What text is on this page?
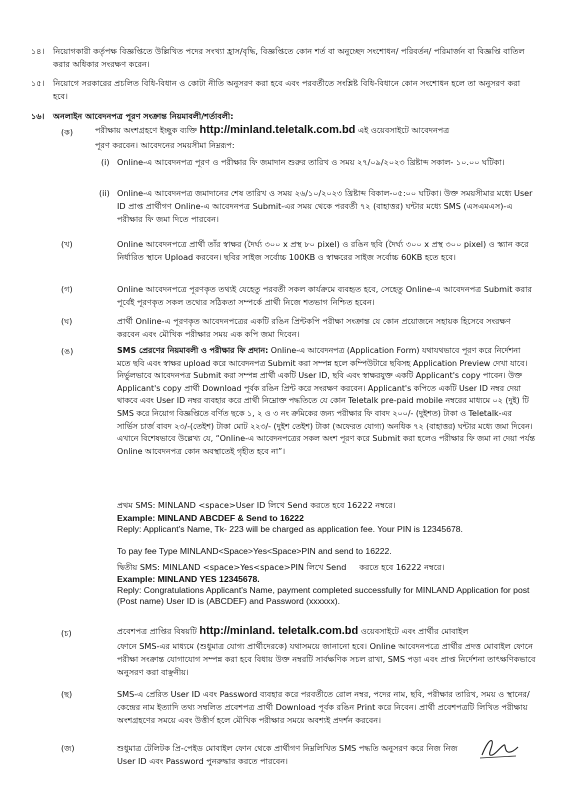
১৪। নিয়োগকারী কর্তৃপক্ষ বিজ্ঞপ্তিতে উল্লিখিত পদের সংখ্যা হ্রাস/বৃদ্ধি, বিজ্ঞপ্তিতে কোন শর্ত বা অনুচ্ছেদ সংশোধন/ পরিবর্তন/ পরিমার্জন বা বিজ্ঞপ্তি বাতিল করার অধিকার সংরক্ষণ করেন।

১৫। নিয়োগে সরকারের প্রচলিত বিধি-বিধান ও কোটা নীতি অনুসরণ করা হবে এবং পরবর্তীতে সংশ্লিষ্ট বিধি-বিধানে কোন সংশোধন হলে তা অনুসরণ করা হবে।

১৬। অনলাইন আবেদনপত্র পূরণ সংক্রান্ত নিয়মাবলী/শর্তাবলী:

(ক)	পরীক্ষায় অংশগ্রহণে ইচ্ছুক ব্যক্তি http://minland.teletalk.com.bd এই ওয়েবসাইটে আবেদনপত্র

পূরণ করবেন। আবেদনের সময়সীমা নিম্নরূপ:

(i) Online-এ আবেদনপত্র পূরণ ও পরীক্ষার ফি জমাদান শুরুর তারিখ ও সময় ২৭/০৯/২০২৩ খ্রিষ্টাব্দ সকাল- ১০.০০ ঘটিকা।

(ii) Online-এ আবেদনপত্র জমাদানের শেষ তারিখ ও সময় ২৬/১০/২০২৩ খ্রিষ্টাব্দ বিকাল-০৫:০০ ঘটিকা। উক্ত সময়সীমার মধ্যে User ID প্রাপ্ত প্রার্থীগণ Online-এ আবেদনপত্র Submit-এর সময় থেকে পরবর্তী ৭২ (বাহাত্তর) ঘন্টার মধ্যে SMS (এসএমএস)-এ পরীক্ষার ফি জমা দিতে পারবেন।

(খ)	Online আবেদনপত্রে প্রার্থী তাঁর স্বাক্ষর (দৈর্ঘ্য ৩০০ x প্রস্থ ৮০ pixel) ও রঙিন ছবি (দৈর্ঘ্য ৩০০ x প্রস্থ ৩০০ pixel) ও স্ক্যান করে নির্ধারিত স্থানে Upload করবেন। ছবির সাইজ সর্বোচ্চ 100KB ও স্বাক্ষরের সাইজ সর্বোচ্চ 60KB হতে হবে।

(গ)	Online আবেদনপত্রে পূরণকৃত তথ্যই যেহেতু পরবর্তী সকল কার্যক্রমে ব্যবহৃত হবে, সেহেতু Online-এ আবেদনপত্র Submit করার পূর্বেই পূরণকৃত সকল তথ্যের সঠিকতা সম্পর্কে প্রার্থী নিজে শতভাগ নিশ্চিত হবেন।

(ঘ)	প্রার্থী Online-এ পূরণকৃত আবেদনপত্রের একটি রঙিন প্রিন্টকপি পরীক্ষা সংক্রান্ত যে কোন প্রয়োজনে সহায়ক হিসেবে সংরক্ষণ করবেন এবং মৌখিক পরীক্ষার সময় এক কপি জমা দিবেন।

(ঙ)	SMS প্রেরণের নিয়মাবলী ও পরীক্ষার ফি প্রদান: Online-এ আবেদনপত্র (Application Form) যথাযথভাবে পূরণ করে নির্দেশনা মতে ছবি এবং স্বাক্ষর upload করে আবেদনপত্র Submit করা সম্পন্ন হলে কম্পিউটারে ছবিসহ Application Preview দেখা যাবে। নির্ভুলভাবে আবেদনপত্র Submit করা সম্পন্ন প্রার্থী একটি User ID, ছবি এবং স্বাক্ষরযুক্ত একটি Applicant's copy পাবেন। উক্ত Applicant's copy প্রার্থী Download পূর্বক রঙিন প্রিন্ট করে সংরক্ষণ করবেন। Applicant's কপিতে একটি User ID নম্বর দেয়া থাকবে এবং User ID নম্বর ব্যবহার করে প্রার্থী নিম্নোক্ত পদ্ধতিতে যে কোন Teletalk pre-paid mobile নম্বরের মাধ্যমে ০২ (দুই) টি SMS করে নিয়োগ বিজ্ঞপ্তিতে বর্ণিত ছকে ১, ২ ও ৩ নং ক্রমিকের জন্য পরীক্ষার ফি বাবদ ২০০/- (দুইশত) টাকা ও Teletalk-এর সার্ভিস চার্জ বাবদ ২৩/-(তেইশ) টাকা মোট ২২৩/- (দুইশ তেইশ) টাকা (অফেরত যোগ্য) অনধিক ৭২ (বাহাত্তর) ঘন্টার মধ্যে জমা দিবেন। এখানে বিশেষভাবে উল্লেখ্য যে, “Online-এ আবেদনপত্রের সকল অংশ পূরণ করে Submit করা হলেও পরীক্ষার ফি জমা না দেয়া পর্যন্ত Online আবেদনপত্র কোন অবস্থাতেই গৃহীত হবে না”।

প্রথম SMS: MINLAND <space>User ID লিখে Send করতে হবে 16222 নম্বরে।

Example: MINLAND ABCDEF & Send to 16222

Reply: Applicant's Name, Tk- 223 will be charged as application fee. Your PIN is 12345678.

To pay fee Type MINLAND<Space>Yes<Space>PIN and send to 16222.

দ্বিতীয় SMS: MINLAND <space>Yes<space>PIN লিখে Send     করতে হবে 16222 নম্বরে।

Example: MINLAND YES 12345678.

Reply: Congratulations Applicant's Name, payment completed successfully for MINLAND Application for post (Post name) User ID is (ABCDEF) and Password (xxxxxx).

(চ)	প্রবেশপত্র প্রাপ্তির বিষয়টি http://minland. teletalk.com.bd ওয়েবসাইটে এবং প্রার্থীর মোবাইল

ফোনে SMS-এর মাধ্যমে (শুধুমাত্র যোগ্য প্রার্থীদেরকে) যথাসময়ে জানানো হবে। Online আবেদনপত্রে প্রার্থীর প্রদত্ত মোবাইল ফোনে পরীক্ষা সংক্রান্ত যোগাযোগ সম্পন্ন করা হবে বিধায় উক্ত নম্বরটি সার্বক্ষণিক সচল রাখা, SMS পড়া এবং প্রাপ্ত নির্দেশনা তাৎক্ষণিকভাবে অনুসরণ করা বাঞ্ছনীয়।

(ছ)	SMS-এ প্রেরিত User ID এবং Password ব্যবহার করে পরবর্তীতে রোল নম্বর, পদের নাম, ছবি, পরীক্ষার তারিখ, সময় ও স্থানের/কেন্দ্রের নাম ইত্যাদি তথ্য সম্বলিত প্রবেশপত্র প্রার্থী Download পূর্বক রঙিন Print করে নিবেন। প্রার্থী প্রবেশপত্রটি লিখিত পরীক্ষায় অংশগ্রহণের সময়ে এবং উত্তীর্ণ হলে মৌখিক পরীক্ষার সময়ে অবশ্যই প্রদর্শন করবেন।

(জ)	শুধুমাত্র টেলিটক প্রি-পেইড মোবাইল ফোন থেকে প্রার্থীগণ নিম্নলিখিত SMS পদ্ধতি অনুসরণ করে নিজ নিজ User ID এবং Password পুনরুদ্ধার করতে পারবেন।
